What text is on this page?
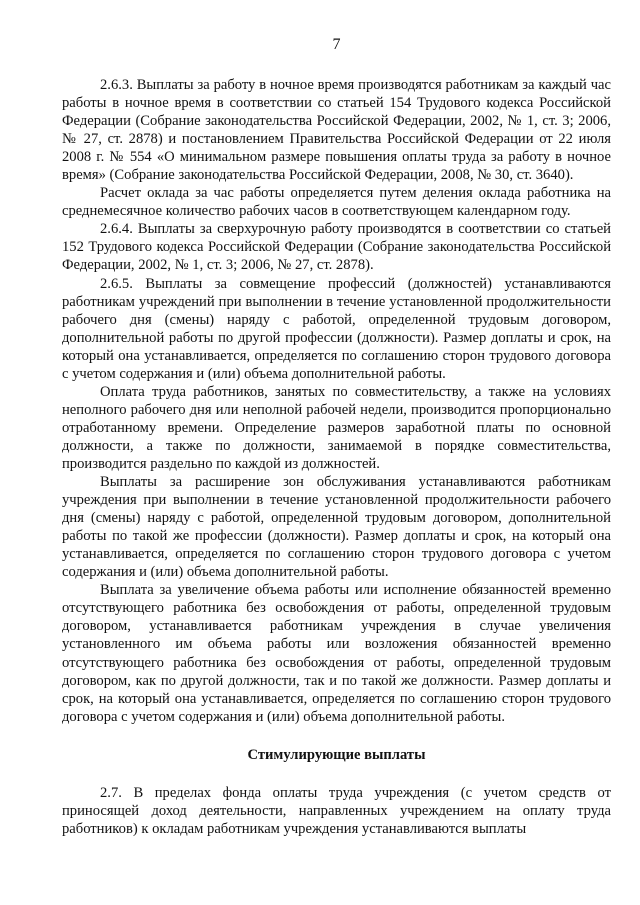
7

2.6.3. Выплаты за работу в ночное время производятся работникам за каждый час работы в ночное время в соответствии со статьей 154 Трудового кодекса Российской Федерации (Собрание законодательства Российской Федерации, 2002, № 1, ст. 3; 2006, № 27, ст. 2878) и постановлением Правительства Российской Федерации от 22 июля 2008 г. № 554 «О минимальном размере повышения оплаты труда за работу в ночное время» (Собрание законодательства Российской Федерации, 2008, № 30, ст. 3640).

Расчет оклада за час работы определяется путем деления оклада работника на среднемесячное количество рабочих часов в соответствующем календарном году.

2.6.4. Выплаты за сверхурочную работу производятся в соответствии со статьей 152 Трудового кодекса Российской Федерации (Собрание законодательства Российской Федерации, 2002, № 1, ст. 3; 2006, № 27, ст. 2878).

2.6.5. Выплаты за совмещение профессий (должностей) устанавливаются работникам учреждений при выполнении в течение установленной продолжительности рабочего дня (смены) наряду с работой, определенной трудовым договором, дополнительной работы по другой профессии (должности). Размер доплаты и срок, на который она устанавливается, определяется по соглашению сторон трудового договора с учетом содержания и (или) объема дополнительной работы.

Оплата труда работников, занятых по совместительству, а также на условиях неполного рабочего дня или неполной рабочей недели, производится пропорционально отработанному времени. Определение размеров заработной платы по основной должности, а также по должности, занимаемой в порядке совместительства, производится раздельно по каждой из должностей.

Выплаты за расширение зон обслуживания устанавливаются работникам учреждения при выполнении в течение установленной продолжительности рабочего дня (смены) наряду с работой, определенной трудовым договором, дополнительной работы по такой же профессии (должности). Размер доплаты и срок, на который она устанавливается, определяется по соглашению сторон трудового договора с учетом содержания и (или) объема дополнительной работы.

Выплата за увеличение объема работы или исполнение обязанностей временно отсутствующего работника без освобождения от работы, определенной трудовым договором, устанавливается работникам учреждения в случае увеличения установленного им объема работы или возложения обязанностей временно отсутствующего работника без освобождения от работы, определенной трудовым договором, как по другой должности, так и по такой же должности. Размер доплаты и срок, на который она устанавливается, определяется по соглашению сторон трудового договора с учетом содержания и (или) объема дополнительной работы.

Стимулирующие выплаты

2.7. В пределах фонда оплаты труда учреждения (с учетом средств от приносящей доход деятельности, направленных учреждением на оплату труда работников) к окладам работникам учреждения устанавливаются выплаты
